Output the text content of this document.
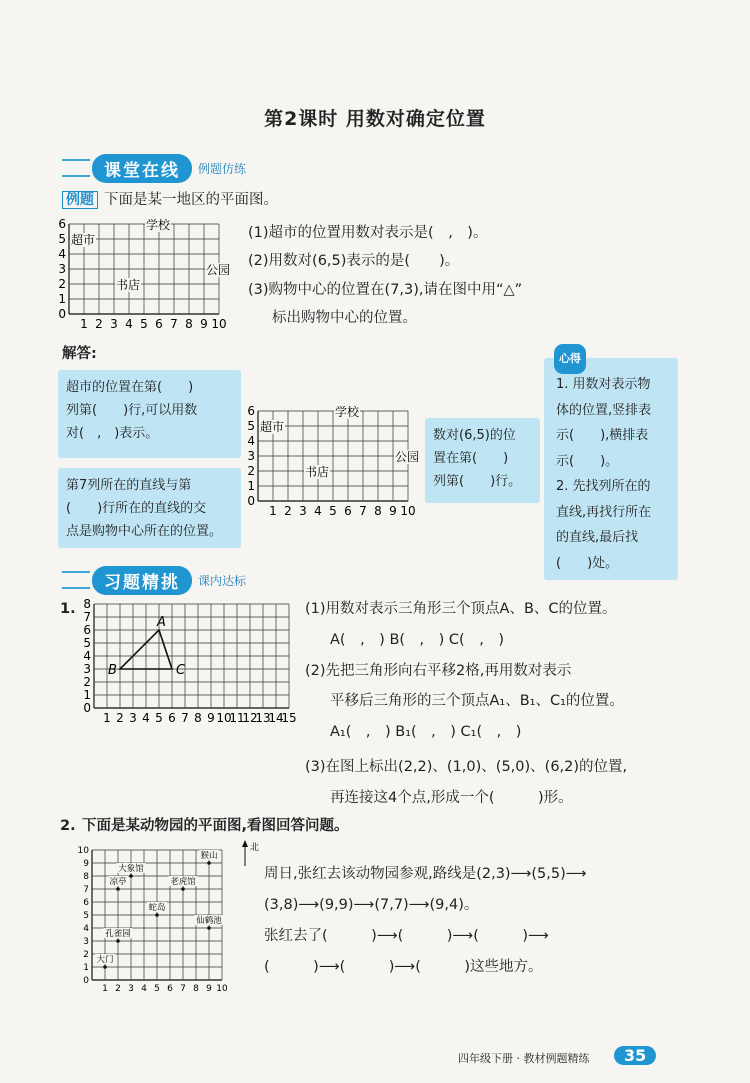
第2课时 用数对确定位置
课堂在线	例题仿练
例题 下面是某一地区的平面图。
1 2 3 4 5 6 7 8 9 10
6
5
4
3
2
1
0
超市
学校
书店
公园
(1)超市的位置用数对表示是(　,　)。
(2)用数对(6,5)表示的是(　　)。
(3)购物中心的位置在(7,3),请在图中用“△”
标出购物中心的位置。
解答:
超市的位置在第(　　)
列第(　　)行,可以用数
对(　,　)表示。
第7列所在的直线与第
(　　)行所在的直线的交
点是购物中心所在的位置。
1 2 3 4 5 6 7 8 9 10
6
5
4
3
2
1
0
超市
学校
书店
公园
数对(6,5)的位
置在第(　　)
列第(　　)行。
心得
1. 用数对表示物
体的位置,竖排表
示(　　),横排表
示(　　)。
2. 先找列所在的
直线,再找行所在
的直线,最后找
(　　)处。
习题精挑	课内达标
1.
1 2 3 4 5 6 7 8 9 10
11
12
13
14
15
8
7
6
5
4
3
2
1
0
A
B	C
(1)用数对表示三角形三个顶点A、B、C的位置。
A(　,　) B(　,　) C(　,　)
(2)先把三角形向右平移2格,再用数对表示
平移后三角形的三个顶点A₁、B₁、C₁的位置。
A₁(　,　) B₁(　,　) C₁(　,　)
(3)在图上标出(2,2)、(1,0)、(5,0)、(6,2)的位置,
再连接这4个点,形成一个(　　　)形。
2. 下面是某动物园的平面图,看图回答问题。
1 2 3 4 5 6 7 8 9 10
10
9
8
7
6
5
4
3
2
1
0
大象馆
凉亭	老虎馆
猴山
蛇岛
仙鹤池
孔雀园
大门
北
周日,张红去该动物园参观,路线是(2,3)⟶(5,5)⟶
(3,8)⟶(9,9)⟶(7,7)⟶(9,4)。
张红去了(　　　)⟶(　　　)⟶(　　　)⟶
(　　　)⟶(　　　)⟶(　　　)这些地方。
四年级下册 · 教材例题精练	35
